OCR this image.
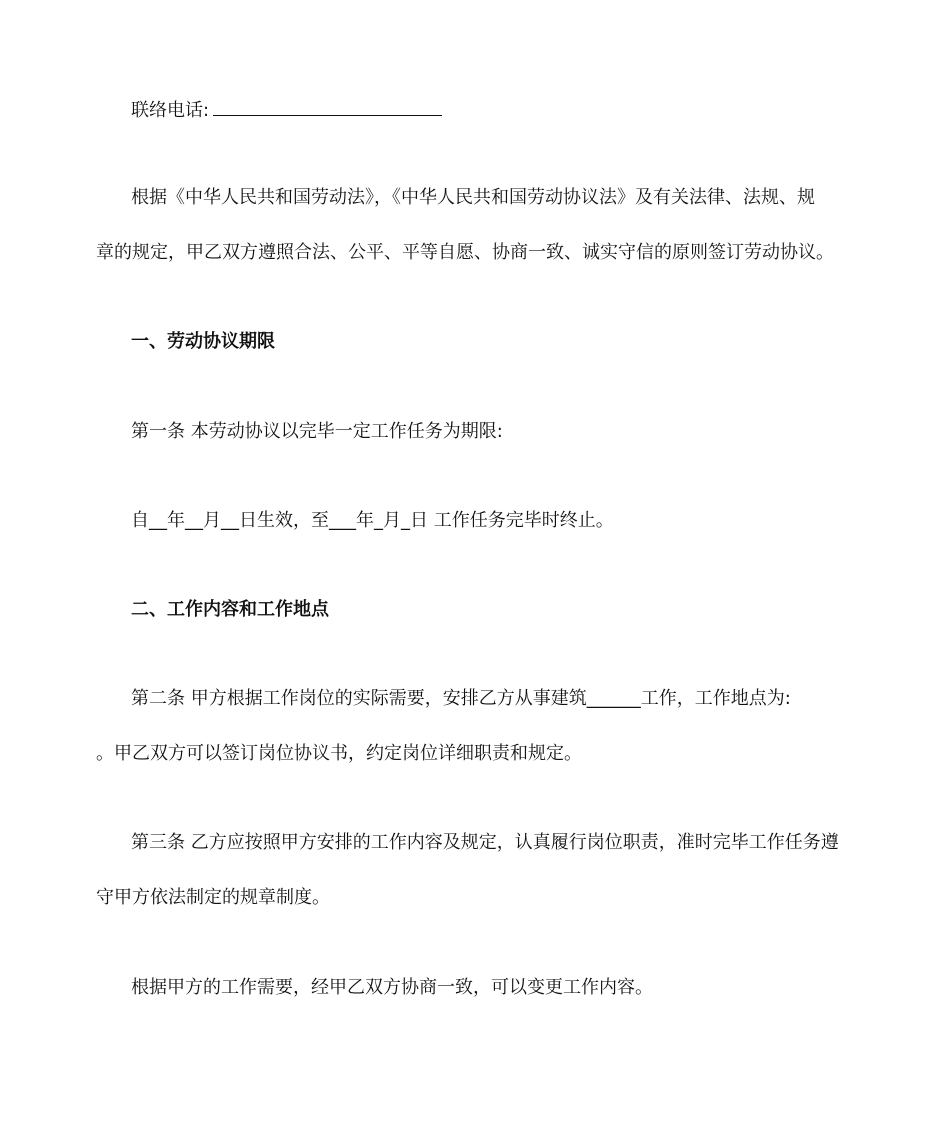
联络电话:
根据《中华人民共和国劳动法》，《中华人民共和国劳动协议法》及有关法律、法规、规
章的规定，甲乙双方遵照合法、公平、平等自愿、协商一致、诚实守信的原则签订劳动协议。
一、劳动协议期限
第一条 本劳动协议以完毕一定工作任务为期限:
自__年__月__日生效，至___年_月_日 工作任务完毕时终止。
二、工作内容和工作地点
第二条 甲方根据工作岗位的实际需要，安排乙方从事建筑______工作，工作地点为:
。甲乙双方可以签订岗位协议书，约定岗位详细职责和规定。
第三条 乙方应按照甲方安排的工作内容及规定，认真履行岗位职责，准时完毕工作任务遵
守甲方依法制定的规章制度。
根据甲方的工作需要，经甲乙双方协商一致，可以变更工作内容。
